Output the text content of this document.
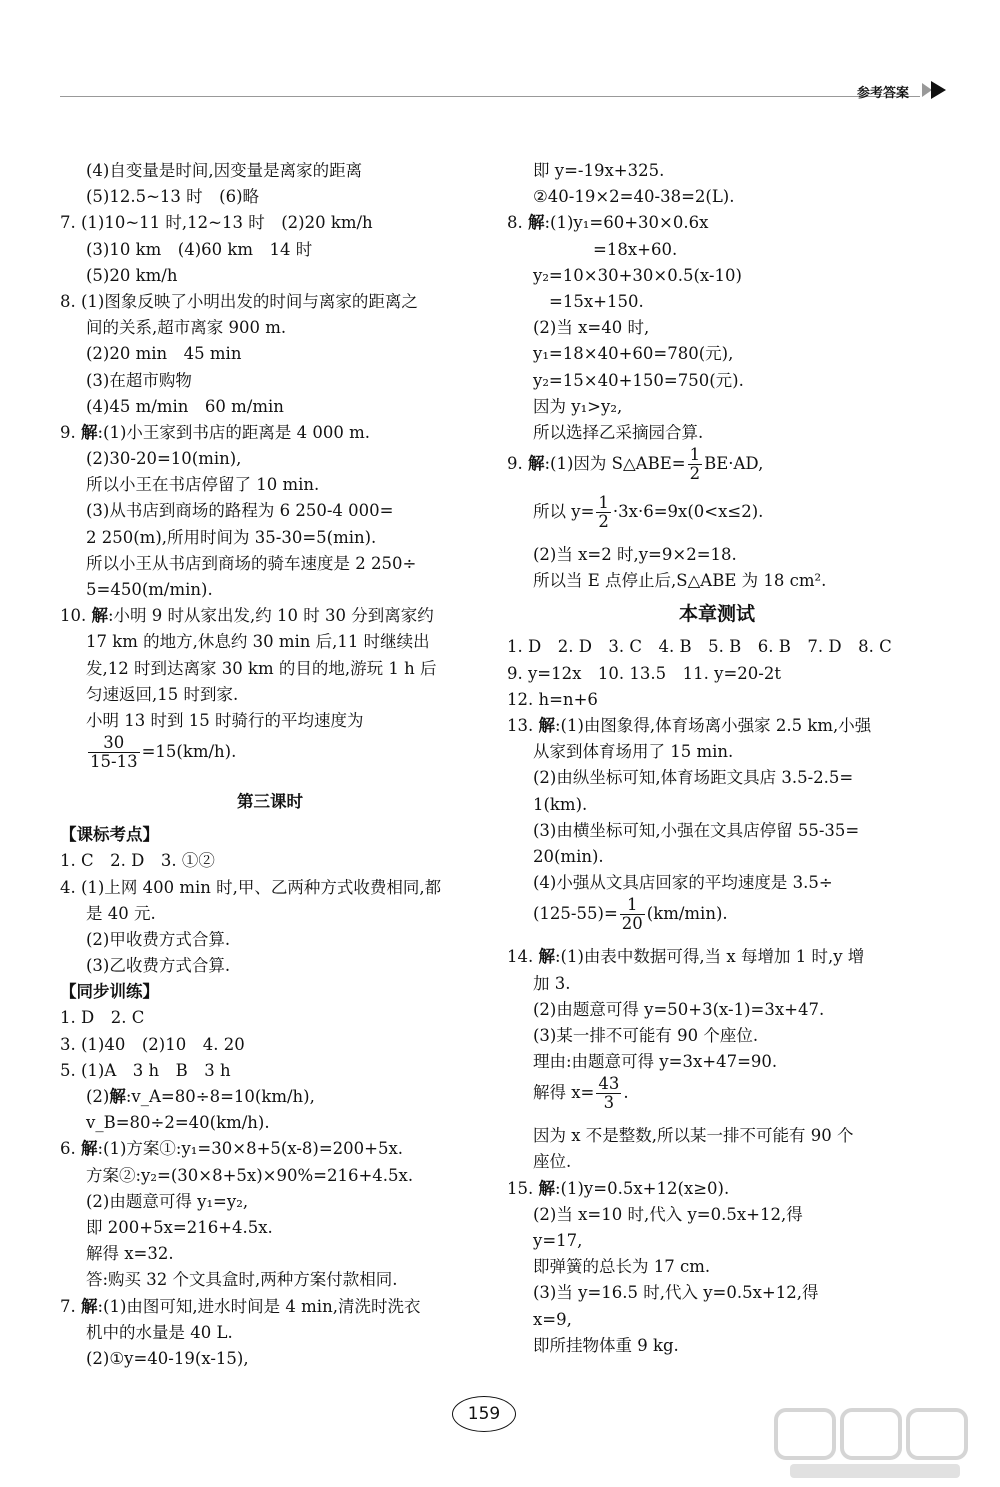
参考答案
(4)自变量是时间,因变量是离家的距离
(5)12.5~13 时　(6)略
7. (1)10~11 时,12~13 时　(2)20 km/h
(3)10 km　(4)60 km　14 时
(5)20 km/h
8. (1)图象反映了小明出发的时间与离家的距离之
间的关系,超市离家 900 m.
(2)20 min　45 min
(3)在超市购物
(4)45 m/min　60 m/min
9. 解:(1)小王家到书店的距离是 4 000 m.
(2)30-20=10(min),
所以小王在书店停留了 10 min.
(3)从书店到商场的路程为 6 250-4 000=
2 250(m),所用时间为 35-30=5(min).
所以小王从书店到商场的骑车速度是 2 250÷
5=450(m/min).
10. 解:小明 9 时从家出发,约 10 时 30 分到离家约
17 km 的地方,休息约 30 min 后,11 时继续出
发,12 时到达离家 30 km 的目的地,游玩 1 h 后
匀速返回,15 时到家.
小明 13 时到 15 时骑行的平均速度为
$\frac{30}{15-13} =15(km/h)$.
第三课时
【课标考点】
1. C　2. D　3. ①②
4. (1)上网 400 min 时,甲、乙两种方式收费相同,都
是 40 元.
(2)甲收费方式合算.
(3)乙收费方式合算.
【同步训练】
1. D　2. C
3. (1)40　(2)10　4. 20
5. (1)A　3 h　B　3 h
(2)解:v_A=80÷8=10(km/h),
v_B=80÷2=40(km/h).
6. 解:(1)方案①:y₁=30×8+5(x-8)=200+5x.
方案②:y₂=(30×8+5x)×90%=216+4.5x.
(2)由题意可得 y₁=y₂,
即 200+5x=216+4.5x.
解得 x=32.
答:购买 32 个文具盒时,两种方案付款相同.
7. 解:(1)由图可知,进水时间是 4 min,清洗时洗衣
机中的水量是 40 L.
(2)①y=40-19(x-15),
即 y=-19x+325.
②40-19×2=40-38=2(L).
8. 解:(1)y₁=60+30×0.6x
=18x+60.
y₂=10×30+30×0.5(x-10)
=15x+150.
(2)当 x=40 时,
y₁=18×40+60=780(元),
y₂=15×40+150=750(元).
因为 y₁>y₂,
所以选择乙采摘园合算.
9. 解:(1)因为 S△ABE= $\frac{1}{2} BE\cdot AD$,
所以 $y= \frac{1}{2} \cdot 3x\cdot 6=9x(0<x\le 2)$.
(2)当 x=2 时,y=9×2=18.
所以当 E 点停止后,S△ABE 为 18 cm².
本章测试
1. D　2. D　3. C　4. B　5. B　6. B　7. D　8. C
9. y=12x　10. 13.5　11. y=20-2t
12. h=n+6
13. 解:(1)由图象得,体育场离小强家 2.5 km,小强
从家到体育场用了 15 min.
(2)由纵坐标可知,体育场距文具店 3.5-2.5=
1(km).
(3)由横坐标可知,小强在文具店停留 55-35=
20(min).
(4)小强从文具店回家的平均速度是 3.5÷
$(125-55)= \frac{1}{20} (km/\min)$.
14. 解:(1)由表中数据可得,当 x 每增加 1 时,y 增
加 3.
(2)由题意可得 y=50+3(x-1)=3x+47.
(3)某一排不可能有 90 个座位.
理由:由题意可得 y=3x+47=90.
解得 $x= \frac{43}{3}$ .
因为 x 不是整数,所以某一排不可能有 90 个
座位.
15. 解:(1)y=0.5x+12(x≥0).
(2)当 x=10 时,代入 y=0.5x+12,得
y=17,
即弹簧的总长为 17 cm.
(3)当 y=16.5 时,代入 y=0.5x+12,得
x=9,
即所挂物体重 9 kg.
159
